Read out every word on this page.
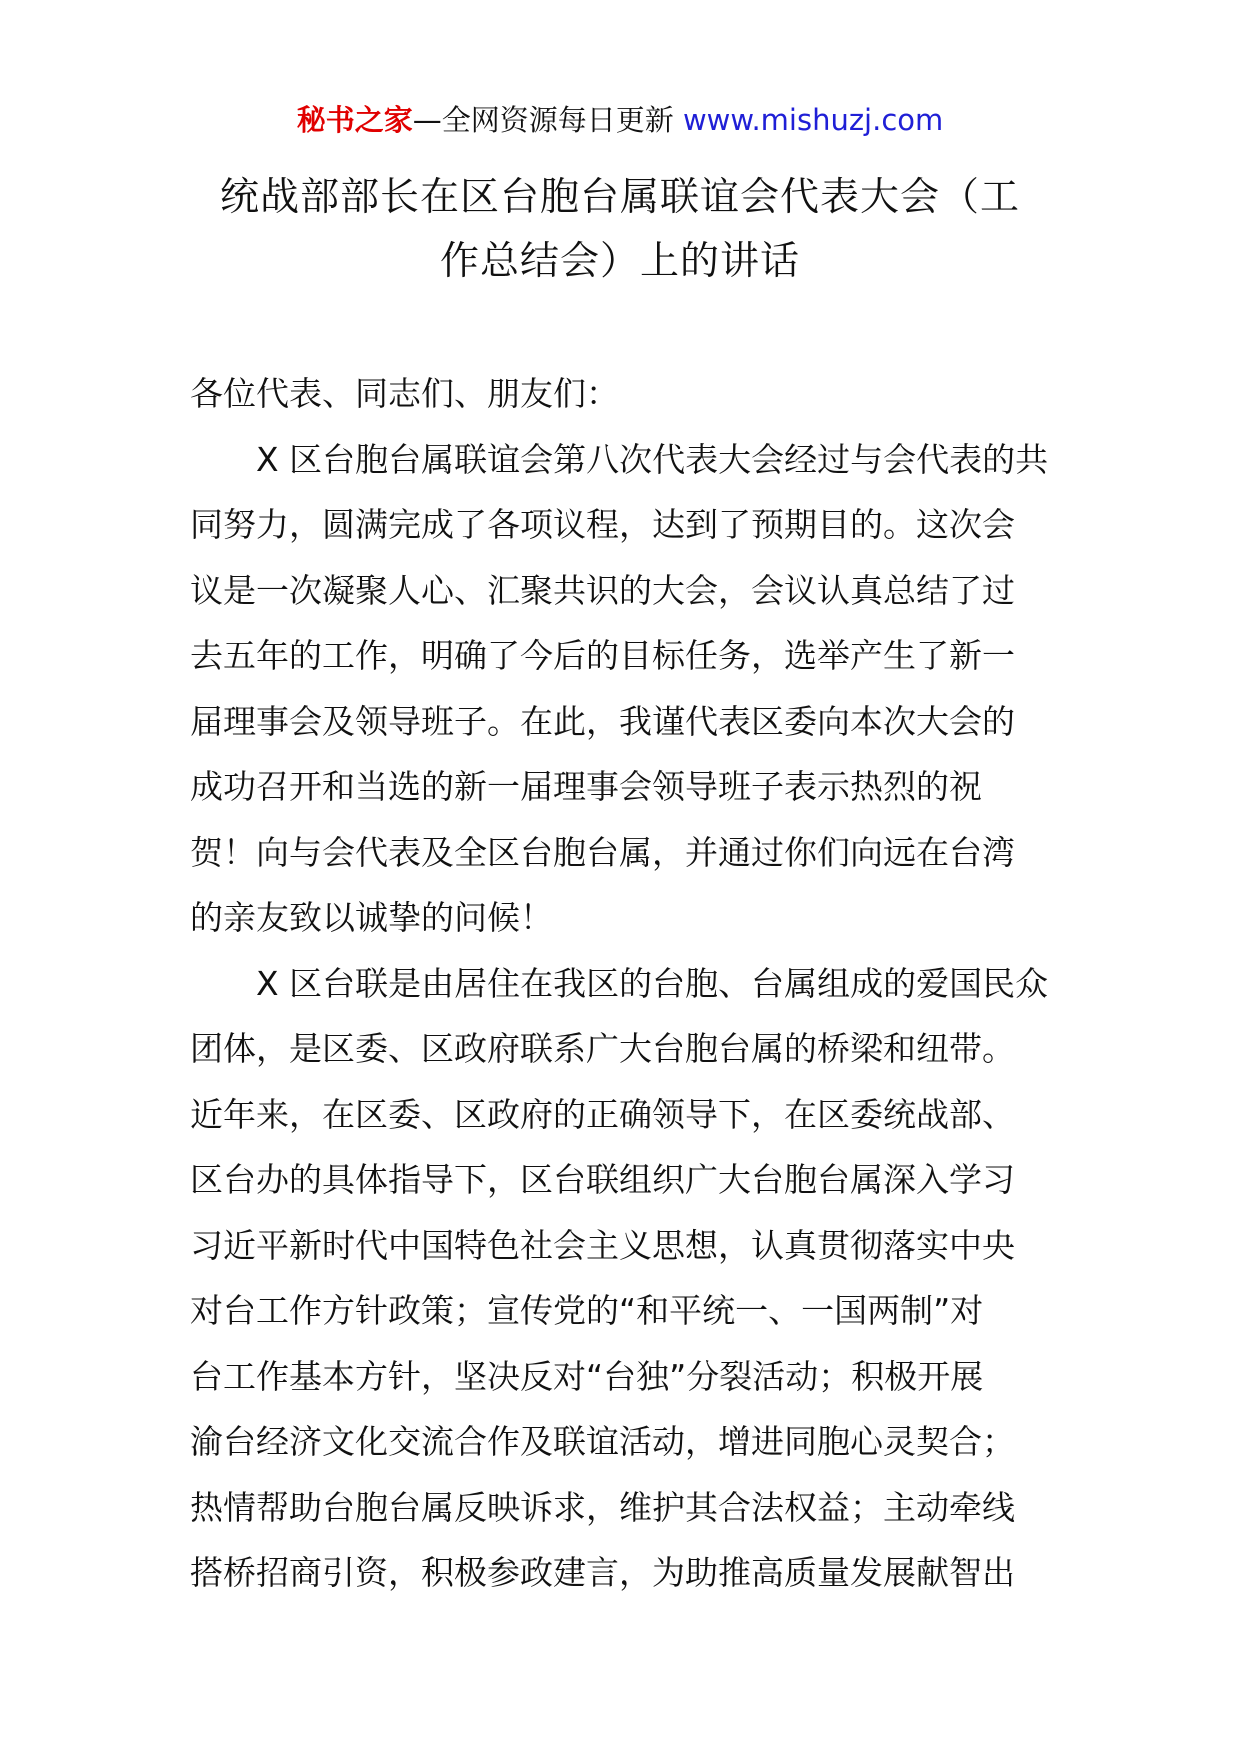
秘书之家—全网资源每日更新 www.mishuzj.com
统战部部长在区台胞台属联谊会代表大会（工
作总结会）上的讲话
各位代表、同志们、朋友们：
　　X 区台胞台属联谊会第八次代表大会经过与会代表的共
同努力，圆满完成了各项议程，达到了预期目的。这次会
议是一次凝聚人心、汇聚共识的大会，会议认真总结了过
去五年的工作，明确了今后的目标任务，选举产生了新一
届理事会及领导班子。在此，我谨代表区委向本次大会的
成功召开和当选的新一届理事会领导班子表示热烈的祝
贺！向与会代表及全区台胞台属，并通过你们向远在台湾
的亲友致以诚挚的问候！
　　X 区台联是由居住在我区的台胞、台属组成的爱国民众
团体，是区委、区政府联系广大台胞台属的桥梁和纽带。
近年来，在区委、区政府的正确领导下，在区委统战部、
区台办的具体指导下，区台联组织广大台胞台属深入学习
习近平新时代中国特色社会主义思想，认真贯彻落实中央
对台工作方针政策；宣传党的“和平统一、一国两制”对
台工作基本方针，坚决反对“台独”分裂活动；积极开展
渝台经济文化交流合作及联谊活动，增进同胞心灵契合；
热情帮助台胞台属反映诉求，维护其合法权益；主动牵线
搭桥招商引资，积极参政建言，为助推高质量发展献智出
